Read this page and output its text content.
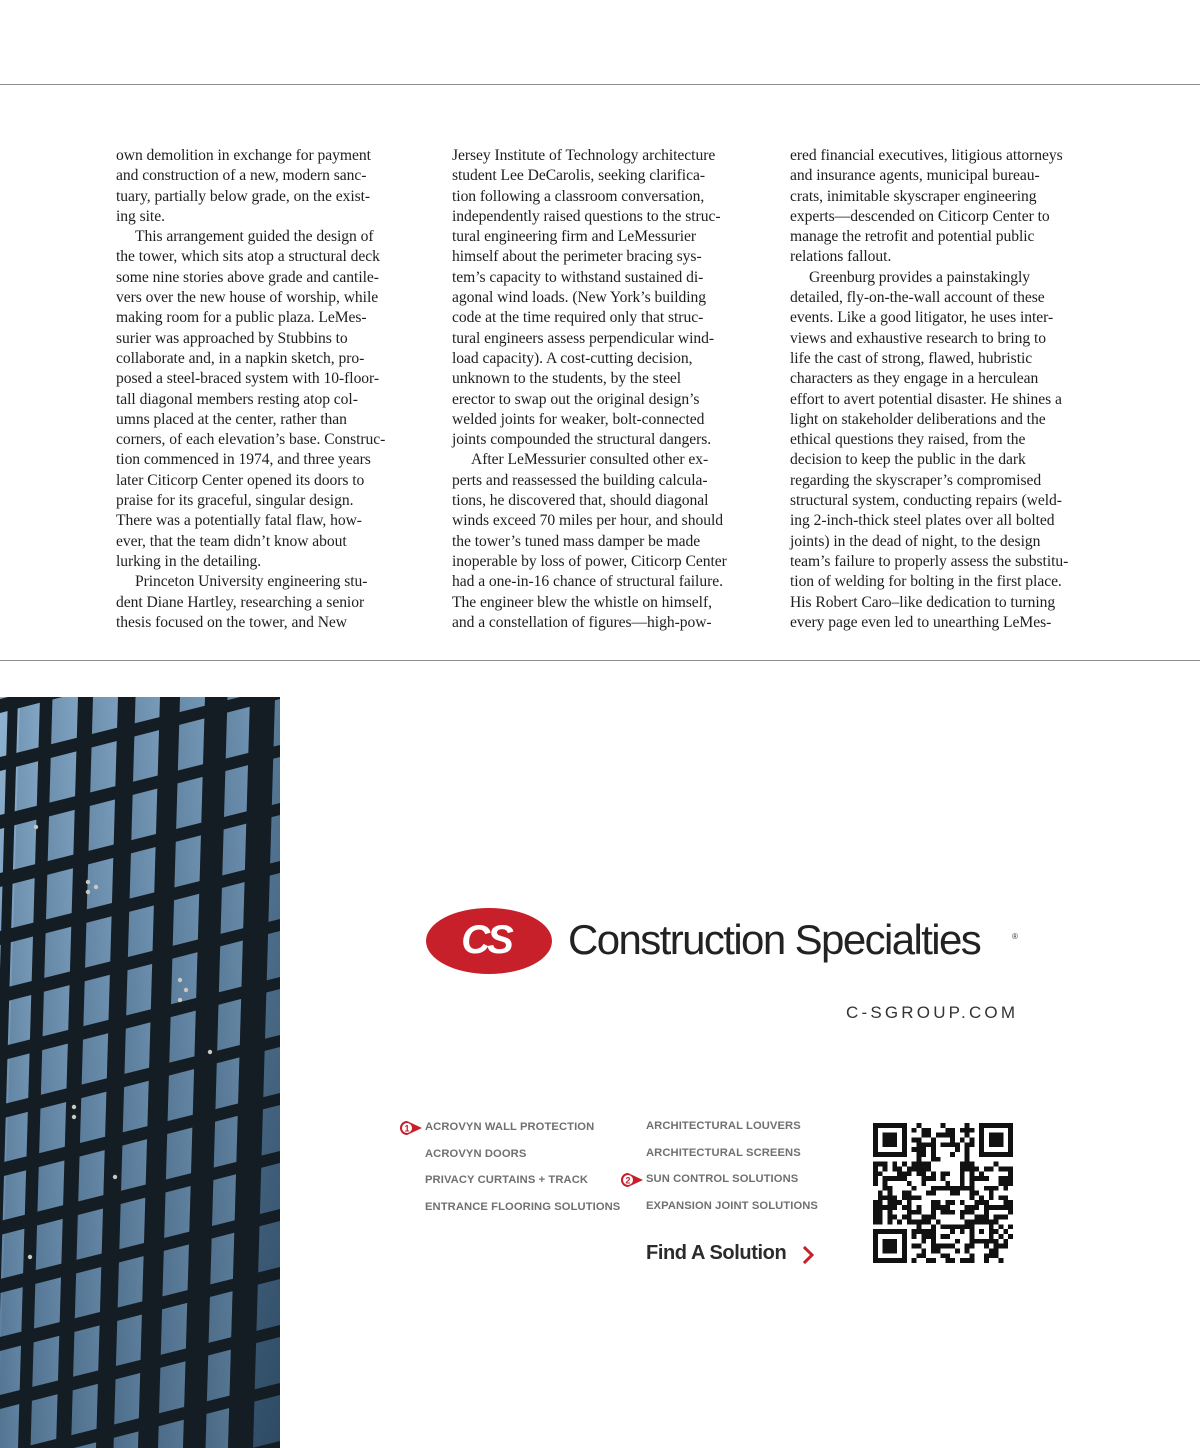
own demolition in exchange for payment

and construction of a new, modern sanc-

tuary, partially below grade, on the exist-

ing site.

This arrangement guided the design of

the tower, which sits atop a structural deck

some nine stories above grade and cantile-

vers over the new house of worship, while

making room for a public plaza. LeMes-

surier was approached by Stubbins to

collaborate and, in a napkin sketch, pro-

posed a steel-braced system with 10-floor-

tall diagonal members resting atop col-

umns placed at the center, rather than

corners, of each elevation’s base. Construc-

tion commenced in 1974, and three years

later Citicorp Center opened its doors to

praise for its graceful, singular design.

There was a potentially fatal flaw, how-

ever, that the team didn’t know about

lurking in the detailing.

Princeton University engineering stu-

dent Diane Hartley, researching a senior

thesis focused on the tower, and New

Jersey Institute of Technology architecture

student Lee DeCarolis, seeking clarifica-

tion following a classroom conversation,

independently raised questions to the struc-

tural engineering firm and LeMessurier

himself about the perimeter bracing sys-

tem’s capacity to withstand sustained di-

agonal wind loads. (New York’s building

code at the time required only that struc-

tural engineers assess perpendicular wind-

load capacity). A cost-cutting decision,

unknown to the students, by the steel

erector to swap out the original design’s

welded joints for weaker, bolt-connected

joints compounded the structural dangers.

After LeMessurier consulted other ex-

perts and reassessed the building calcula-

tions, he discovered that, should diagonal

winds exceed 70 miles per hour, and should

the tower’s tuned mass damper be made

inoperable by loss of power, Citicorp Center

had a one-in-16 chance of structural failure.

The engineer blew the whistle on himself,

and a constellation of figures—high-pow-

ered financial executives, litigious attorneys

and insurance agents, municipal bureau-

crats, inimitable skyscraper engineering

experts—descended on Citicorp Center to

manage the retrofit and potential public

relations fallout.

Greenburg provides a painstakingly

detailed, fly-on-the-wall account of these

events. Like a good litigator, he uses inter-

views and exhaustive research to bring to

life the cast of strong, flawed, hubristic

characters as they engage in a herculean

effort to avert potential disaster. He shines a

light on stakeholder deliberations and the

ethical questions they raised, from the

decision to keep the public in the dark

regarding the skyscraper’s compromised

structural system, conducting repairs (weld-

ing 2-inch-thick steel plates over all bolted

joints) in the dead of night, to the design

team’s failure to properly assess the substitu-

tion of welding for bolting in the first place.

His Robert Caro–like dedication to turning

every page even led to unearthing LeMes-

CS Construction Specialties	®
C-SGROUP.COM
1 ACROVYN WALL PROTECTION
ACROVYN DOORS
PRIVACY CURTAINS + TRACK
ENTRANCE FLOORING SOLUTIONS
ARCHITECTURAL LOUVERS
ARCHITECTURAL SCREENS
2 SUN CONTROL SOLUTIONS
EXPANSION JOINT SOLUTIONS
Find A Solution
